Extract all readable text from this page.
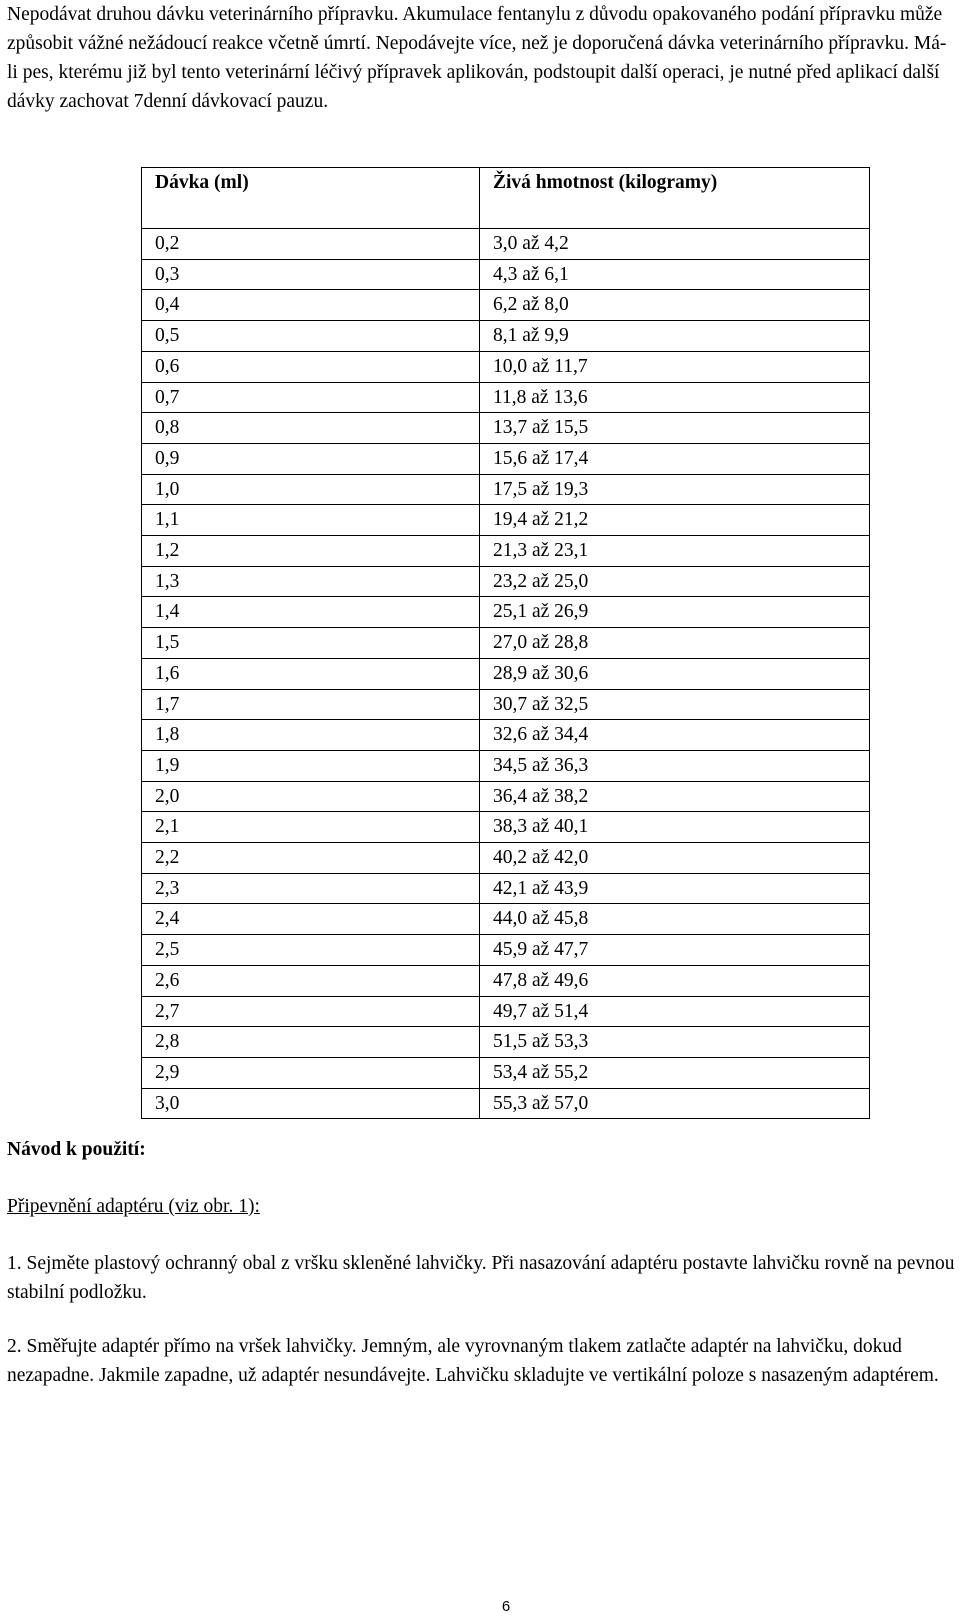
Nepodávat druhou dávku veterinárního přípravku. Akumulace fentanylu z důvodu opakovaného podání přípravku může způsobit vážné nežádoucí reakce včetně úmrtí. Nepodávejte více, než je doporučená dávka veterinárního přípravku. Má-li pes, kterému již byl tento veterinární léčivý přípravek aplikován, podstoupit další operaci, je nutné před aplikací další dávky zachovat 7denní dávkovací pauzu.

Dávka (ml)	Živá hmotnost (kilogramy)
0,2	3,0 až 4,2
0,3	4,3 až 6,1
0,4	6,2 až 8,0
0,5	8,1 až 9,9
0,6	10,0 až 11,7
0,7	11,8 až 13,6
0,8	13,7 až 15,5
0,9	15,6 až 17,4
1,0	17,5 až 19,3
1,1	19,4 až 21,2
1,2	21,3 až 23,1
1,3	23,2 až 25,0
1,4	25,1 až 26,9
1,5	27,0 až 28,8
1,6	28,9 až 30,6
1,7	30,7 až 32,5
1,8	32,6 až 34,4
1,9	34,5 až 36,3
2,0	36,4 až 38,2
2,1	38,3 až 40,1
2,2	40,2 až 42,0
2,3	42,1 až 43,9
2,4	44,0 až 45,8
2,5	45,9 až 47,7
2,6	47,8 až 49,6
2,7	49,7 až 51,4
2,8	51,5 až 53,3
2,9	53,4 až 55,2
3,0	55,3 až 57,0

Návod k použití:

Připevnění adaptéru (viz obr. 1):

1. Sejměte plastový ochranný obal z vršku skleněné lahvičky. Při nasazování adaptéru postavte lahvičku rovně na pevnou stabilní podložku.

2. Směřujte adaptér přímo na vršek lahvičky. Jemným, ale vyrovnaným tlakem zatlačte adaptér na lahvičku, dokud nezapadne. Jakmile zapadne, už adaptér nesundávejte. Lahvičku skladujte ve vertikální poloze s nasazeným adaptérem.

6
